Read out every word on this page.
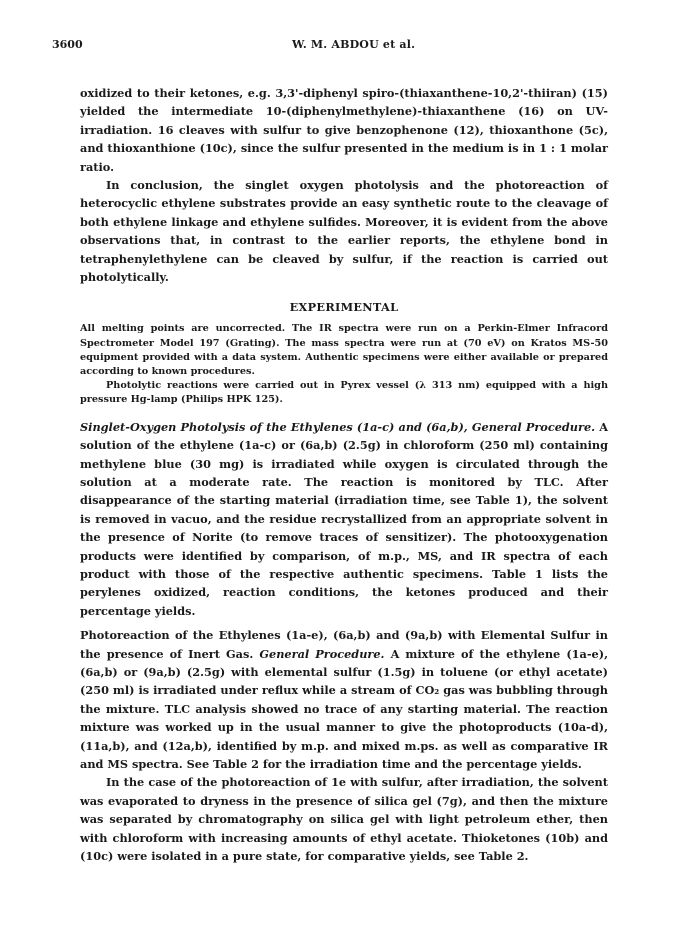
3600	W. M. ABDOU et al.

oxidized to their ketones, e.g. 3,3'-diphenyl spiro-(thiaxanthene-10,2'-thiiran) (15) yielded the intermediate 10-(diphenylmethylene)-thiaxanthene (16) on UV-irradiation. 16 cleaves with sulfur to give benzophenone (12), thioxanthone (5c), and thioxanthione (10c), since the sulfur presented in the medium is in 1 : 1 molar ratio.

In conclusion, the singlet oxygen photolysis and the photoreaction of heterocyclic ethylene substrates provide an easy synthetic route to the cleavage of both ethylene linkage and ethylene sulfides. Moreover, it is evident from the above observations that, in contrast to the earlier reports, the ethylene bond in tetraphenylethylene can be cleaved by sulfur, if the reaction is carried out photolytically.

EXPERIMENTAL

All melting points are uncorrected. The IR spectra were run on a Perkin-Elmer Infracord Spectrometer Model 197 (Grating). The mass spectra were run at (70 eV) on Kratos MS-50 equipment provided with a data system. Authentic specimens were either available or prepared according to known procedures.

Photolytic reactions were carried out in Pyrex vessel (λ 313 nm) equipped with a high pressure Hg-lamp (Philips HPK 125).

Singlet-Oxygen Photolysis of the Ethylenes (1a-c) and (6a,b), General Procedure. A solution of the ethylene (1a-c) or (6a,b) (2.5g) in chloroform (250 ml) containing methylene blue (30 mg) is irradiated while oxygen is circulated through the solution at a moderate rate. The reaction is monitored by TLC. After disappearance of the starting material (irradiation time, see Table 1), the solvent is removed in vacuo, and the residue recrystallized from an appropriate solvent in the presence of Norite (to remove traces of sensitizer). The photooxygenation products were identified by comparison, of m.p., MS, and IR spectra of each product with those of the respective authentic specimens. Table 1 lists the perylenes oxidized, reaction conditions, the ketones produced and their percentage yields.

Photoreaction of the Ethylenes (1a-e), (6a,b) and (9a,b) with Elemental Sulfur in the presence of Inert Gas. General Procedure. A mixture of the ethylene (1a-e), (6a,b) or (9a,b) (2.5g) with elemental sulfur (1.5g) in toluene (or ethyl acetate) (250 ml) is irradiated under reflux while a stream of CO₂ gas was bubbling through the mixture. TLC analysis showed no trace of any starting material. The reaction mixture was worked up in the usual manner to give the photoproducts (10a-d), (11a,b), and (12a,b), identified by m.p. and mixed m.ps. as well as comparative IR and MS spectra. See Table 2 for the irradiation time and the percentage yields.

In the case of the photoreaction of 1e with sulfur, after irradiation, the solvent was evaporated to dryness in the presence of silica gel (7g), and then the mixture was separated by chromatography on silica gel with light petroleum ether, then with chloroform with increasing amounts of ethyl acetate. Thioketones (10b) and (10c) were isolated in a pure state, for comparative yields, see Table 2.
